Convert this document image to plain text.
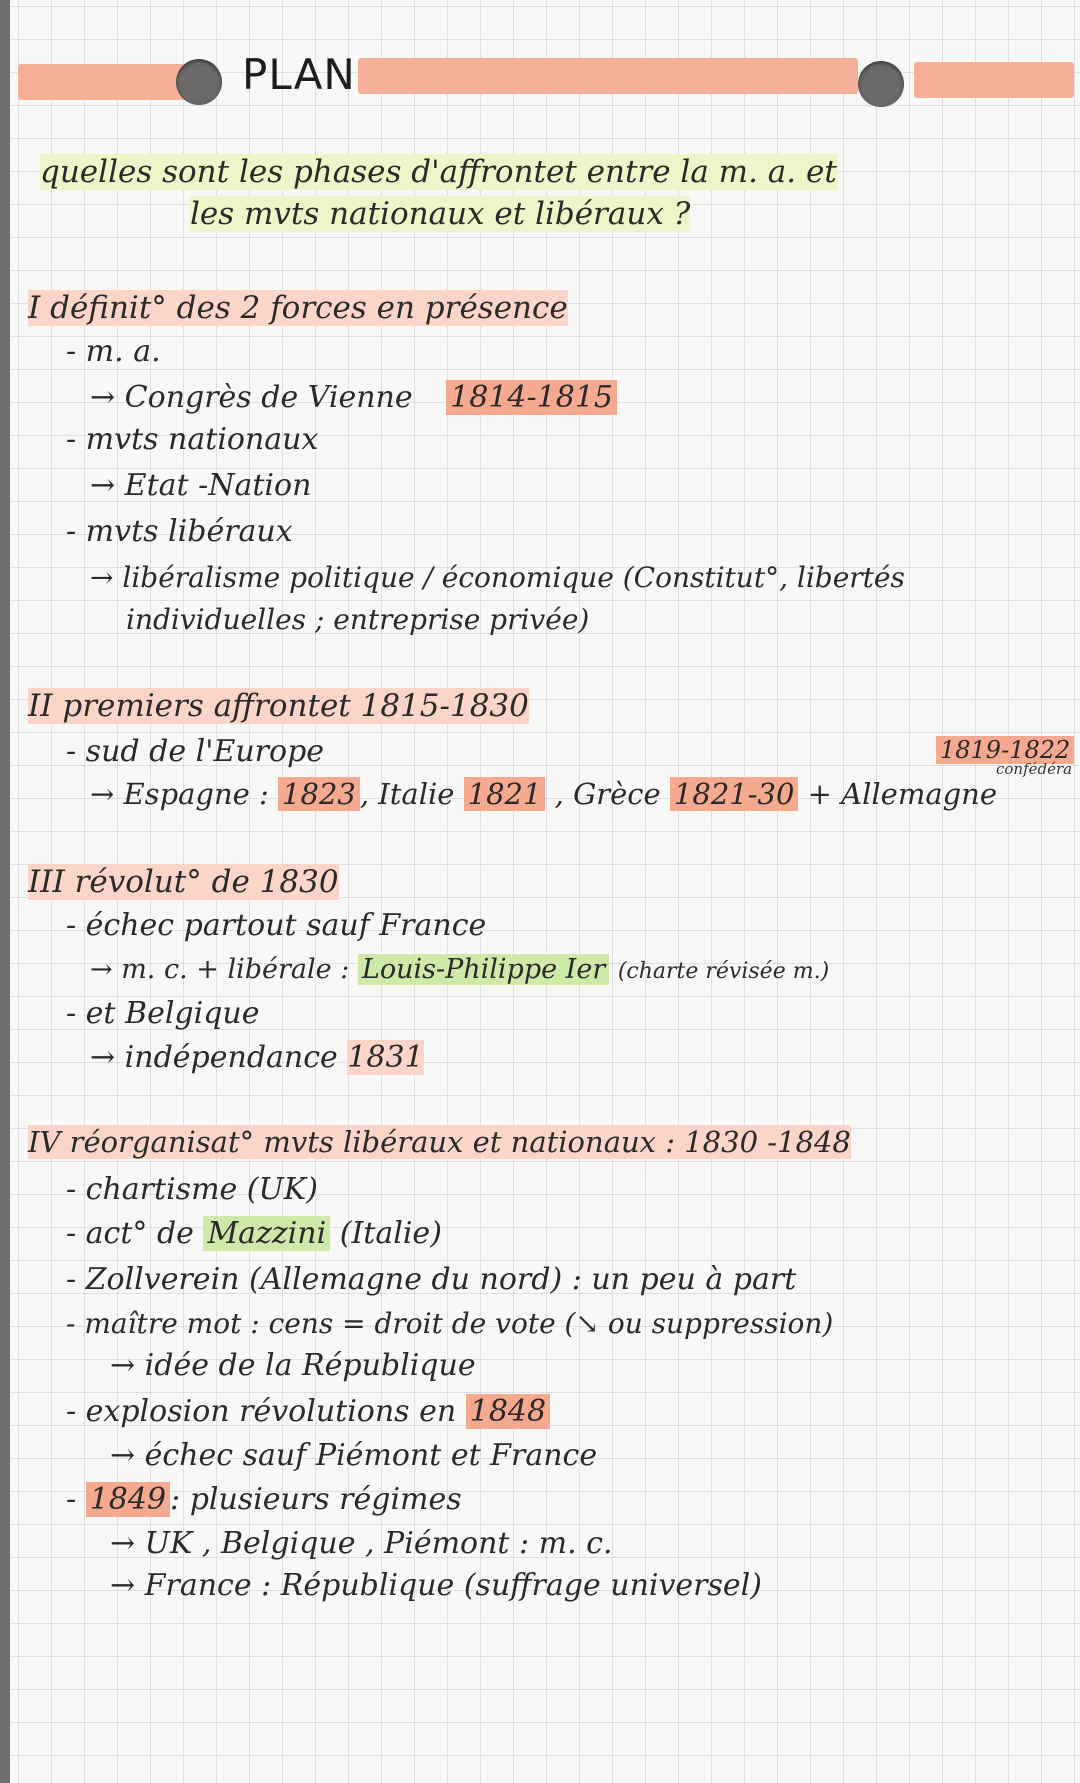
PLAN
quelles sont les phases d'affrontet entre la m. a. et
les mvts nationaux et libéraux ?
I définit° des 2 forces en présence
- m. a.
→ Congrès de Vienne 1814-1815
- mvts nationaux
→ Etat -Nation
- mvts libéraux
→ libéralisme politique / économique (Constitut°, libertés
individuelles ; entreprise privée)
II premiers affrontet 1815-1830
- sud de l'Europe	1819-1822
confédéra
→ Espagne : 1823 , Italie 1821 , Grèce 1821-30 + Allemagne
III révolut° de 1830
- échec partout sauf France
→ m. c. + libérale : Louis-Philippe Ier (charte révisée m.)
- et Belgique
→ indépendance 1831
IV réorganisat° mvts libéraux et nationaux : 1830 -1848
- chartisme (UK)
- act° de Mazzini (Italie)
- Zollverein (Allemagne du nord) : un peu à part
- maître mot : cens = droit de vote (↘ ou suppression)
→ idée de la République
- explosion révolutions en 1848
→ échec sauf Piémont et France
- 1849 : plusieurs régimes
→ UK , Belgique , Piémont : m. c.
→ France : République (suffrage universel)
